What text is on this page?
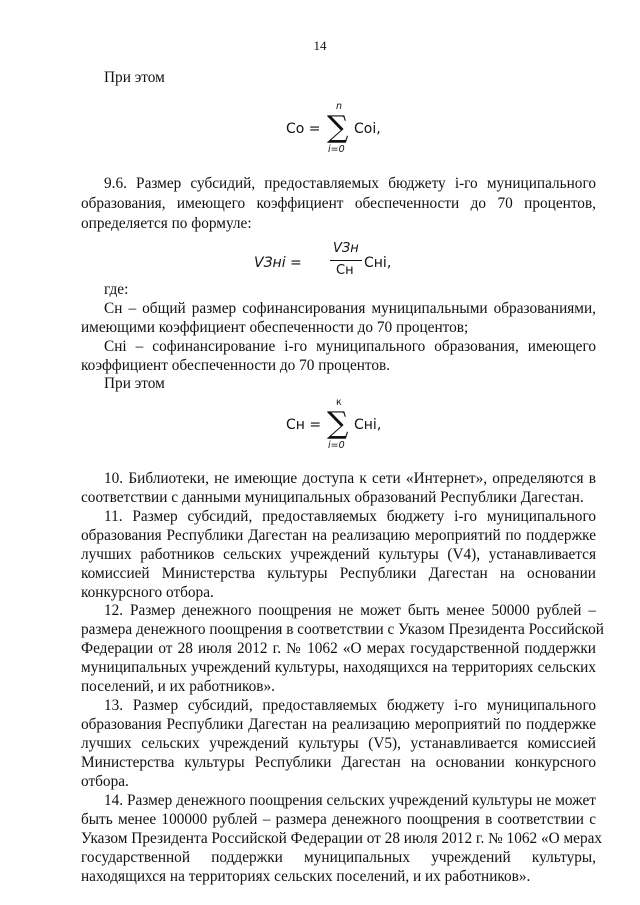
14
При этом
Co =
n
∑
i=0
Coi,
9.6. Размер субсидий, предоставляемых бюджету i-го муниципального
образования, имеющего коэффициент обеспеченности до 70 процентов,
определяется по формуле:
VЗнi =
VЗн
Сн Снi,
где:
Сн – общий размер софинансирования муниципальными образованиями,
имеющими коэффициент обеспеченности до 70 процентов;
Снi – софинансирование i-го муниципального образования, имеющего
коэффициент обеспеченности до 70 процентов.
При этом
Сн =
к
∑
i=0
Снi,
10. Библиотеки, не имеющие доступа к сети «Интернет», определяются в
соответствии с данными муниципальных образований Республики Дагестан.
11. Размер субсидий, предоставляемых бюджету i-го муниципального
образования Республики Дагестан на реализацию мероприятий по поддержке
лучших работников сельских учреждений культуры (V4), устанавливается
комиссией Министерства культуры Республики Дагестан на основании
конкурсного отбора.
12. Размер денежного поощрения не может быть менее 50000 рублей –
размера денежного поощрения в соответствии с Указом Президента Российской
Федерации от 28 июля 2012 г. № 1062 «О мерах государственной поддержки
муниципальных учреждений культуры, находящихся на территориях сельских
поселений, и их работников».
13. Размер субсидий, предоставляемых бюджету i-го муниципального
образования Республики Дагестан на реализацию мероприятий по поддержке
лучших сельских учреждений культуры (V5), устанавливается комиссией
Министерства культуры Республики Дагестан на основании конкурсного
отбора.
14. Размер денежного поощрения сельских учреждений культуры не может
быть менее 100000 рублей – размера денежного поощрения в соответствии с
Указом Президента Российской Федерации от 28 июля 2012 г. № 1062 «О мерах
государственной поддержки муниципальных учреждений культуры,
находящихся на территориях сельских поселений, и их работников».
